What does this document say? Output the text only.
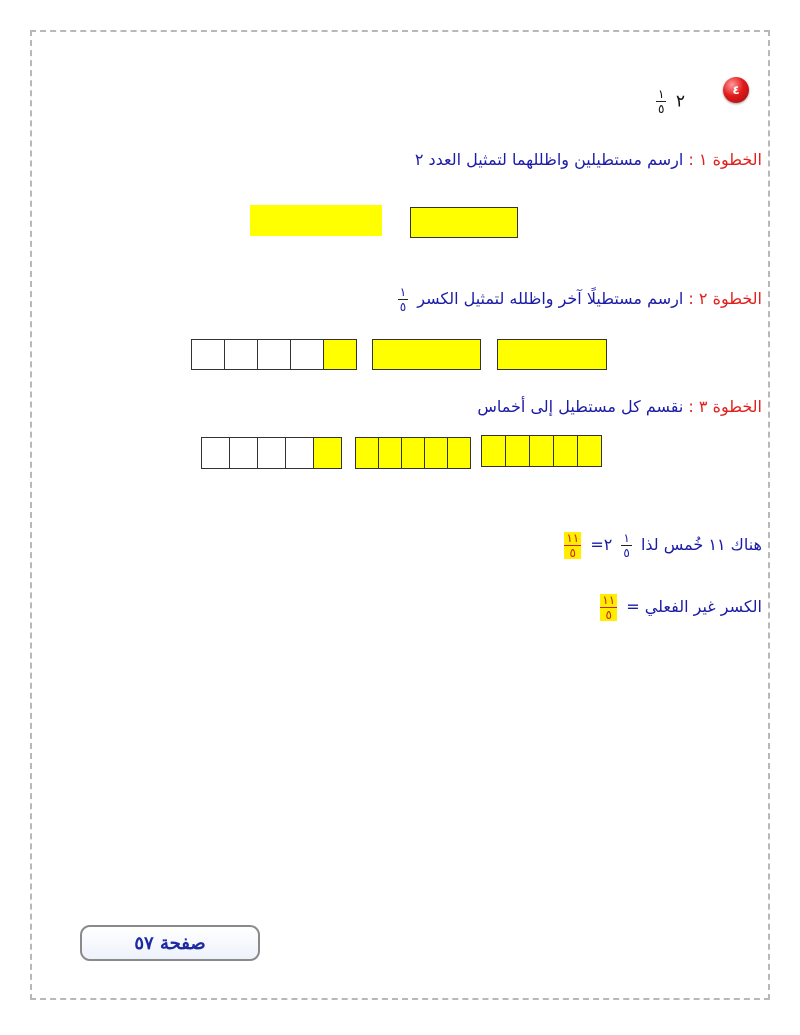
٤
٢
$\frac{١}{٥}$
الخطوة ١ : ارسم مستطيلين واظللهما لتمثيل العدد ٢
الخطوة ٢ : ارسم مستطيلًا آخر واظلله لتمثيل الكسر
$\frac{١}{٥}$
الخطوة ٣ : نقسم كل مستطيل إلى أخماس
هناك ١١ خُمس لذا
$\frac{١}{٥}$
٢=
$\frac{١١}{٥}$
الكسر غير الفعلي =
$\frac{١١}{٥}$
صفحة ٥٧
